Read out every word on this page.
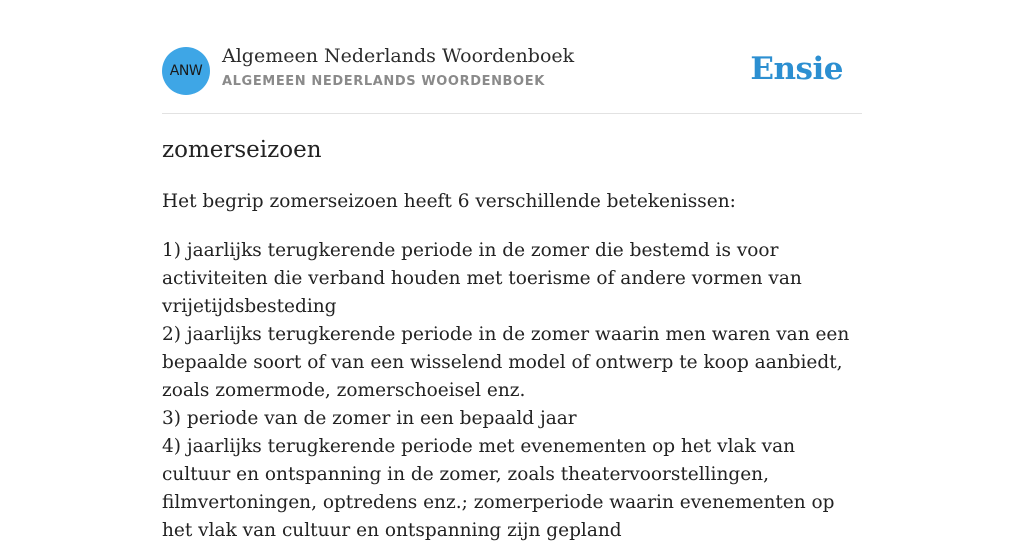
ANW
Algemeen Nederlands Woordenboek
ALGEMEEN NEDERLANDS WOORDENBOEK	Ensie
zomerseizoen

Het begrip zomerseizoen heeft 6 verschillende betekenissen:

1) jaarlijks terugkerende periode in de zomer die bestemd is voor activiteiten die verband houden met toerisme of andere vormen van vrijetijdsbesteding
2) jaarlijks terugkerende periode in de zomer waarin men waren van een bepaalde soort of van een wisselend model of ontwerp te koop aanbiedt, zoals zomermode, zomerschoeisel enz.
3) periode van de zomer in een bepaald jaar
4) jaarlijks terugkerende periode met evenementen op het vlak van cultuur en ontspanning in de zomer, zoals theatervoorstellingen, filmvertoningen, optredens enz.; zomerperiode waarin evenementen op het vlak van cultuur en ontspanning zijn gepland
